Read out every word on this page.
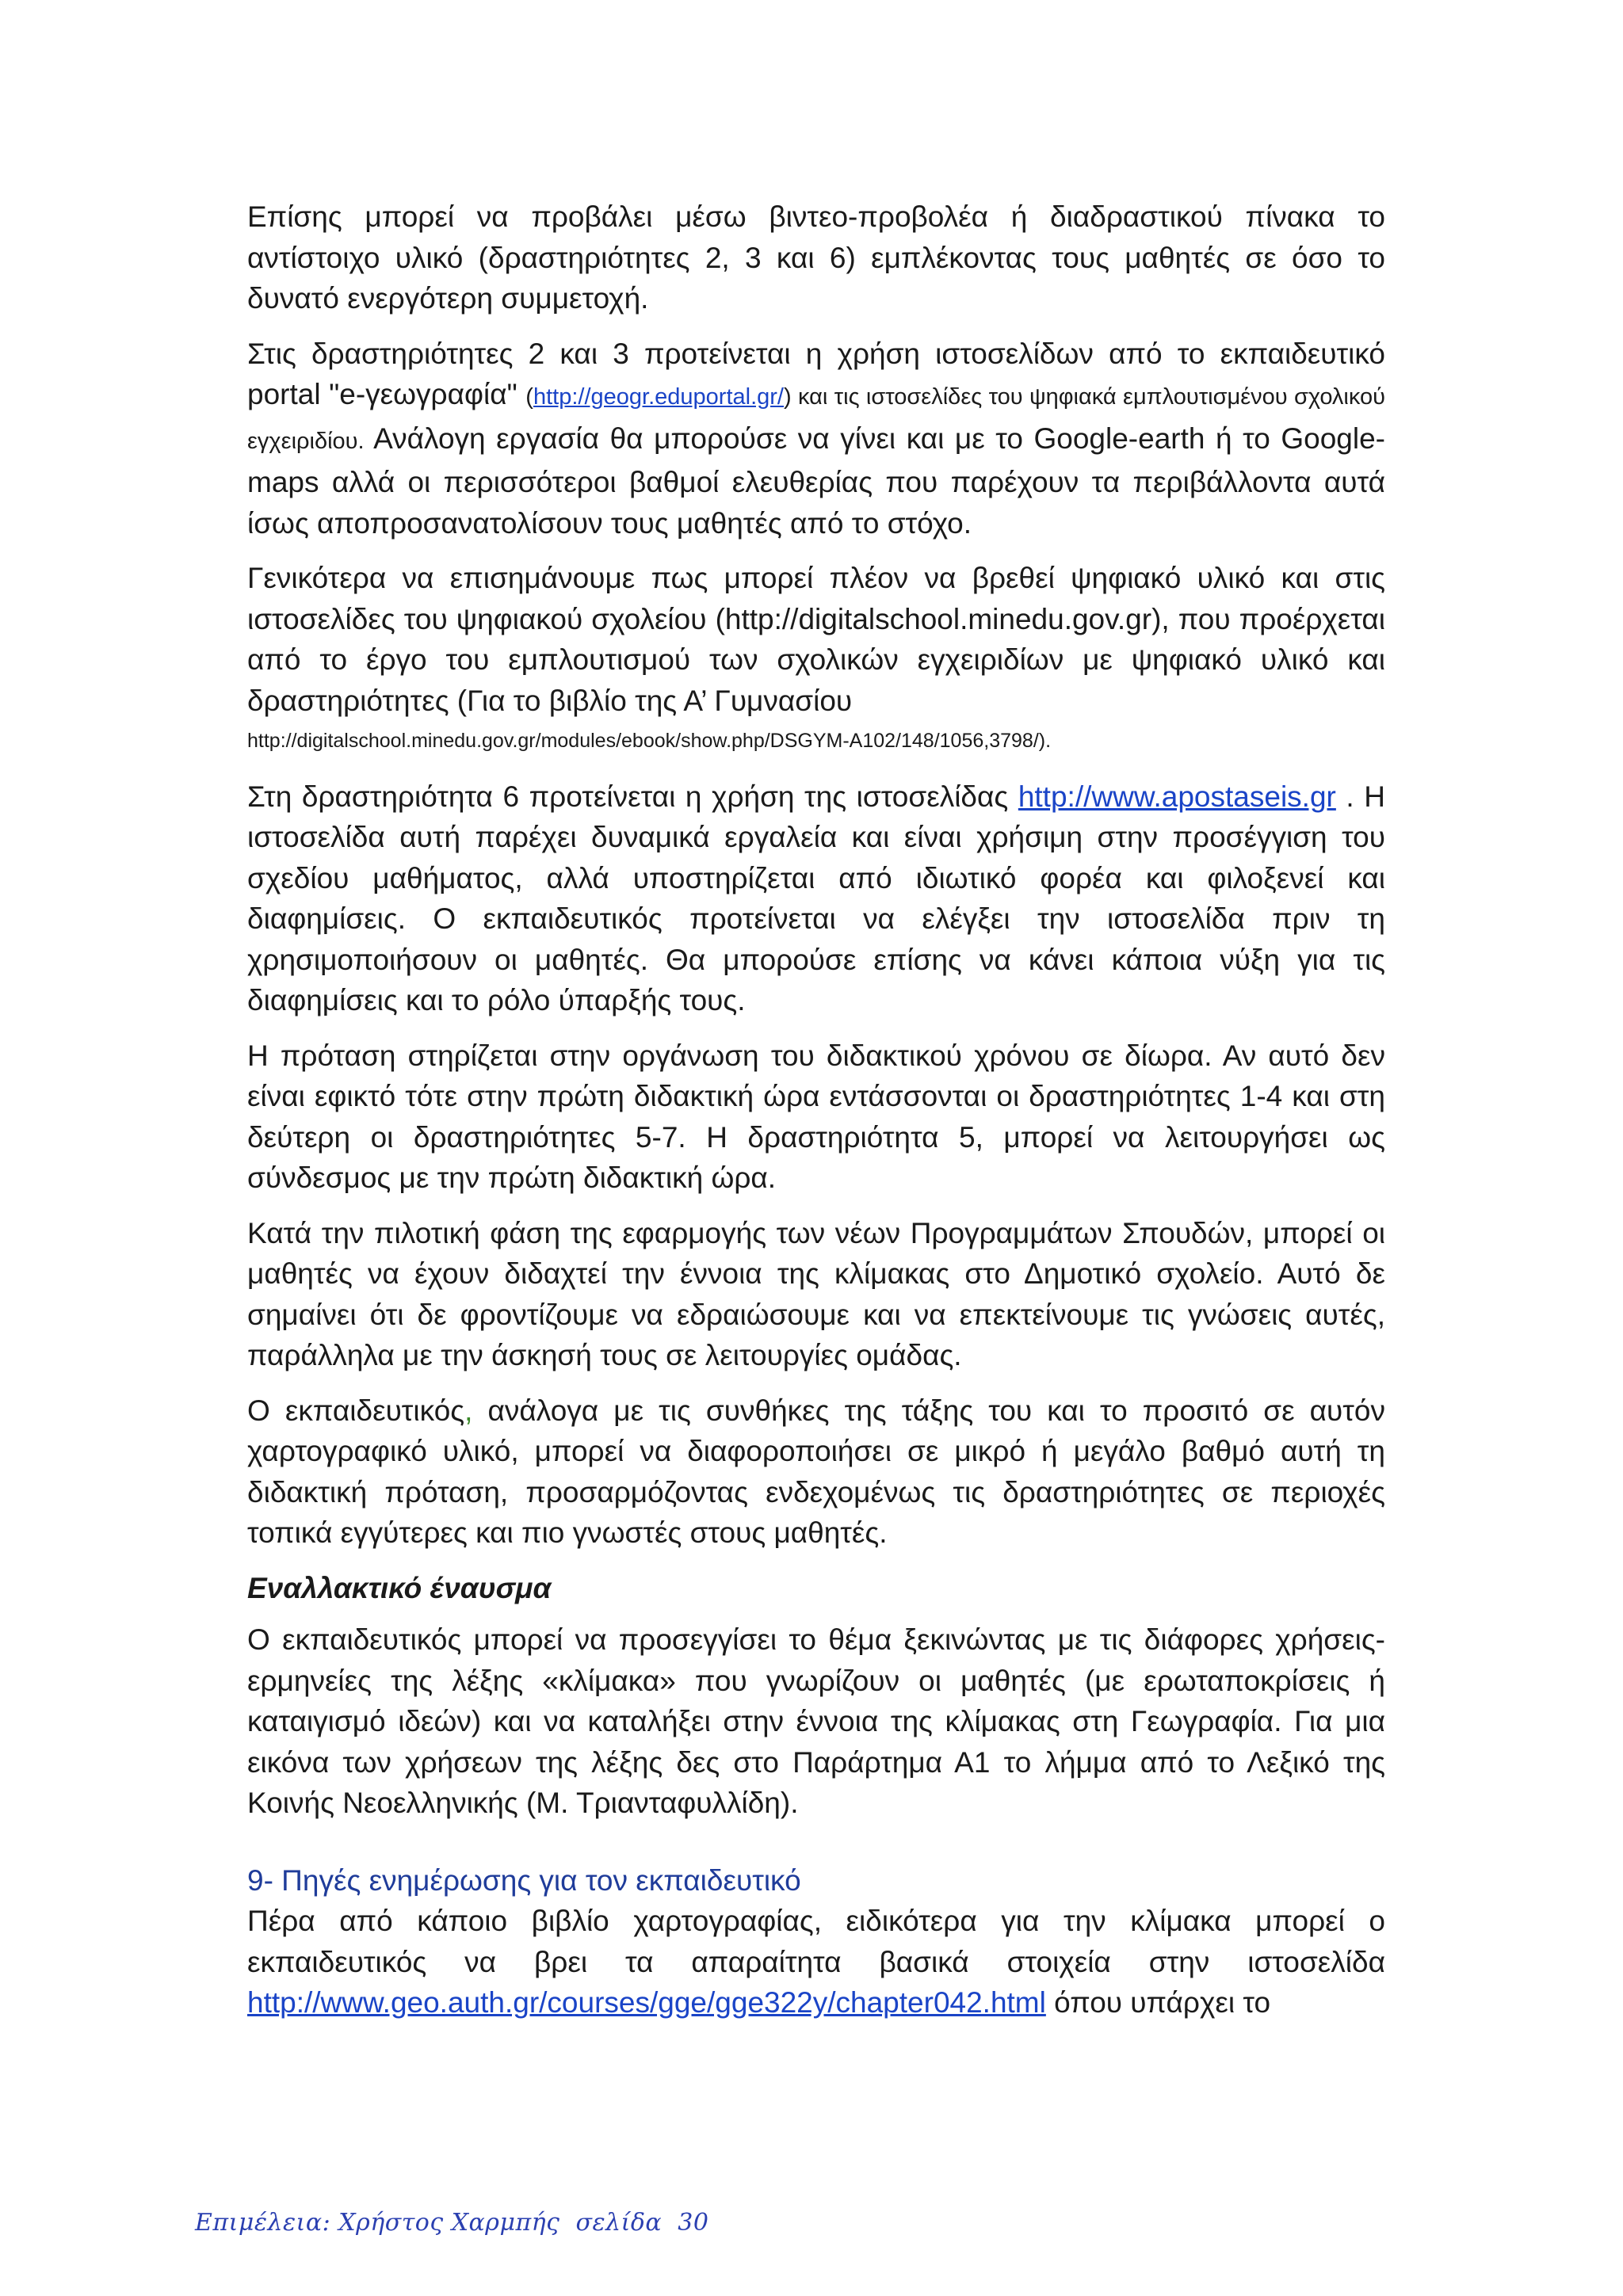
Επίσης μπορεί να προβάλει μέσω βιντεο-προβολέα ή διαδραστικού πίνακα το αντίστοιχο υλικό (δραστηριότητες 2, 3 και 6) εμπλέκοντας τους μαθητές σε όσο το δυνατό ενεργότερη συμμετοχή.

Στις δραστηριότητες 2 και 3 προτείνεται η χρήση ιστοσελίδων από το εκπαιδευτικό portal "e-γεωγραφία" (http://geogr.eduportal.gr/) και τις ιστοσελίδες του ψηφιακά εμπλουτισμένου σχολικού εγχειριδίου. Ανάλογη εργασία θα μπορούσε να γίνει και με το Google-earth ή το Google-maps αλλά οι περισσότεροι βαθμοί ελευθερίας που παρέχουν τα περιβάλλοντα αυτά ίσως αποπροσανατολίσουν τους μαθητές από το στόχο.

Γενικότερα να επισημάνουμε πως μπορεί πλέον να βρεθεί ψηφιακό υλικό και στις ιστοσελίδες του ψηφιακού σχολείου (http://digitalschool.minedu.gov.gr), που προέρχεται από το έργο του εμπλουτισμού των σχολικών εγχειριδίων με ψηφιακό υλικό και δραστηριότητες (Για το βιβλίο της Α’ Γυμνασίου
http://digitalschool.minedu.gov.gr/modules/ebook/show.php/DSGYM-A102/148/1056,3798/).

Στη δραστηριότητα 6 προτείνεται η χρήση της ιστοσελίδας http://www.apostaseis.gr . Η ιστοσελίδα αυτή παρέχει δυναμικά εργαλεία και είναι χρήσιμη στην προσέγγιση του σχεδίου μαθήματος, αλλά υποστηρίζεται από ιδιωτικό φορέα και φιλοξενεί και διαφημίσεις. Ο εκπαιδευτικός προτείνεται να ελέγξει την ιστοσελίδα πριν τη χρησιμοποιήσουν οι μαθητές. Θα μπορούσε επίσης να κάνει κάποια νύξη για τις διαφημίσεις και το ρόλο ύπαρξής τους.

Η πρόταση στηρίζεται στην οργάνωση του διδακτικού χρόνου σε δίωρα. Αν αυτό δεν είναι εφικτό τότε στην πρώτη διδακτική ώρα εντάσσονται οι δραστηριότητες 1-4 και στη δεύτερη οι δραστηριότητες 5-7. Η δραστηριότητα 5, μπορεί να λειτουργήσει ως σύνδεσμος με την πρώτη διδακτική ώρα.

Κατά την πιλοτική φάση της εφαρμογής των νέων Προγραμμάτων Σπουδών, μπορεί οι μαθητές να έχουν διδαχτεί την έννοια της κλίμακας στο Δημοτικό σχολείο. Αυτό δε σημαίνει ότι δε φροντίζουμε να εδραιώσουμε και να επεκτείνουμε τις γνώσεις αυτές, παράλληλα με την άσκησή τους σε λειτουργίες ομάδας.

Ο εκπαιδευτικός, ανάλογα με τις συνθήκες της τάξης του και το προσιτό σε αυτόν χαρτογραφικό υλικό, μπορεί να διαφοροποιήσει σε μικρό ή μεγάλο βαθμό αυτή τη διδακτική πρόταση, προσαρμόζοντας ενδεχομένως τις δραστηριότητες σε περιοχές τοπικά εγγύτερες και πιο γνωστές στους μαθητές.

Εναλλακτικό έναυσμα

Ο εκπαιδευτικός μπορεί να προσεγγίσει το θέμα ξεκινώντας με τις διάφορες χρήσεις-ερμηνείες της λέξης «κλίμακα» που γνωρίζουν οι μαθητές (με ερωταποκρίσεις ή καταιγισμό ιδεών) και να καταλήξει στην έννοια της κλίμακας στη Γεωγραφία. Για μια εικόνα των χρήσεων της λέξης δες στο Παράρτημα Α1 το λήμμα από το Λεξικό της Κοινής Νεοελληνικής (Μ. Τριανταφυλλίδη).

9- Πηγές ενημέρωσης για τον εκπαιδευτικό

Πέρα από κάποιο βιβλίο χαρτογραφίας, ειδικότερα για την κλίμακα μπορεί ο εκπαιδευτικός να βρει τα απαραίτητα βασικά στοιχεία στην ιστοσελίδα http://www.geo.auth.gr/courses/gge/gge322y/chapter042.html όπου υπάρχει το

Επιμέλεια: Χρήστος Χαρμπής σελίδα 30
